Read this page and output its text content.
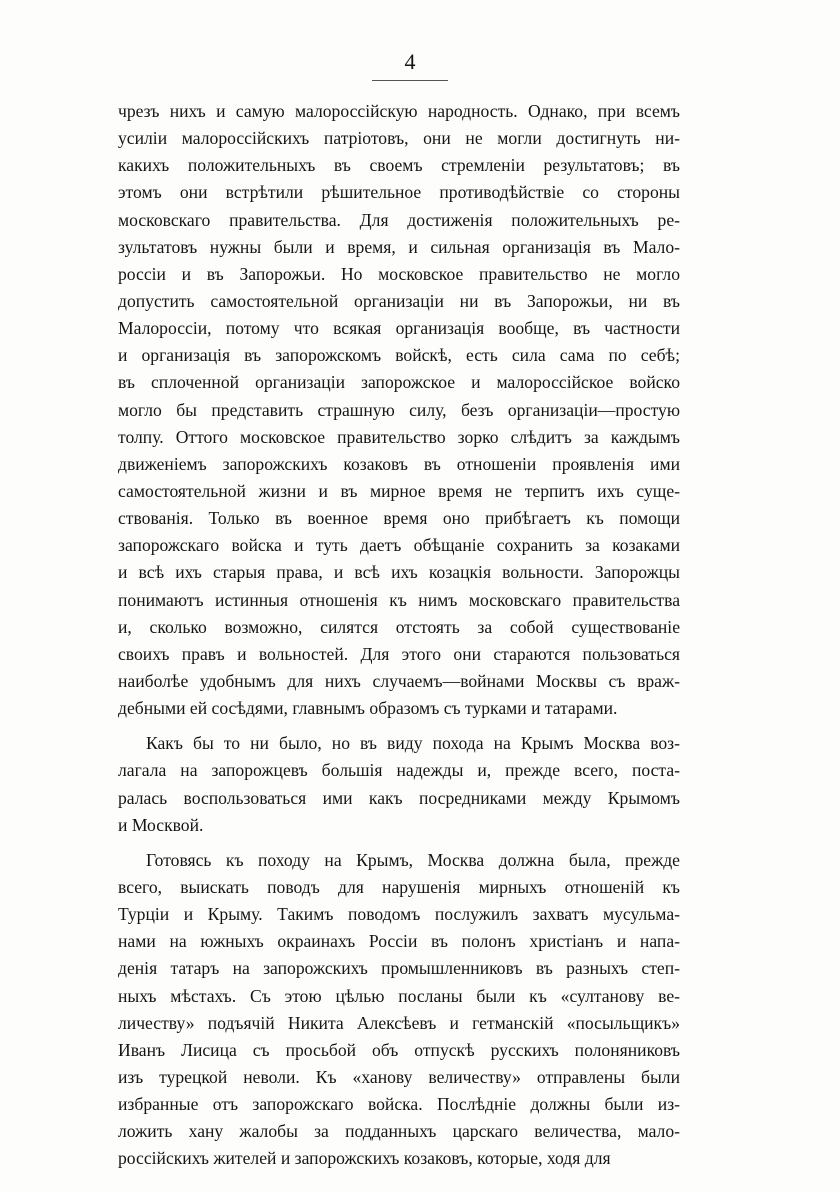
4
чрезъ нихъ и самую малороссійскую народность. Однако, при всемъ
усиліи малороссійскихъ патріотовъ, они не могли достигнуть ни-
какихъ положительныхъ въ своемъ стремленіи результатовъ; въ
этомъ они встрѣтили рѣшительное противодѣйствіе со стороны
московскаго правительства. Для достиженія положительныхъ ре-
зультатовъ нужны были и время, и сильная организація въ Мало-
россіи и въ Запорожьи. Но московское правительство не могло
допустить самостоятельной организаціи ни въ Запорожьи, ни въ
Малороссіи, потому что всякая организація вообще, въ частности
и организація въ запорожскомъ войскѣ, есть сила сама по себѣ;
въ сплоченной организаціи запорожское и малороссійское войско
могло бы представить страшную силу, безъ организаціи—простую
толпу. Оттого московское правительство зорко слѣдитъ за каждымъ
движеніемъ запорожскихъ козаковъ въ отношеніи проявленія ими
самостоятельной жизни и въ мирное время не терпитъ ихъ суще-
ствованія. Только въ военное время оно прибѣгаетъ къ помощи
запорожскаго войска и туть даетъ обѣщаніе сохранить за козаками
и всѣ ихъ старыя права, и всѣ ихъ козацкія вольности. Запорожцы
понимаютъ истинныя отношенія къ нимъ московскаго правительства
и, сколько возможно, силятся отстоять за собой существованіе
своихъ правъ и вольностей. Для этого они стараются пользоваться
наиболѣе удобнымъ для нихъ случаемъ—войнами Москвы съ враж-
дебными ей сосѣдями, главнымъ образомъ съ турками и татарами.
Какъ бы то ни было, но въ виду похода на Крымъ Москва воз-
лагала на запорожцевъ большія надежды и, прежде всего, поста-
ралась воспользоваться ими какъ посредниками между Крымомъ
и Москвой.
Готовясь къ походу на Крымъ, Москва должна была, прежде
всего, выискать поводъ для нарушенія мирныхъ отношеній къ
Турціи и Крыму. Такимъ поводомъ послужилъ захватъ мусульма-
нами на южныхъ окраинахъ Россіи въ полонъ христіанъ и напа-
денія татаръ на запорожскихъ промышленниковъ въ разныхъ степ-
ныхъ мѣстахъ. Съ этою цѣлью посланы были къ «султанову ве-
личеству» подъячій Никита Алексѣевъ и гетманскій «посыльщикъ»
Иванъ Лисица съ просьбой объ отпускѣ русскихъ полоняниковъ
изъ турецкой неволи. Къ «ханову величеству» отправлены были
избранные отъ запорожскаго войска. Послѣдніе должны были из-
ложить хану жалобы за подданныхъ царскаго величества, мало-
россійскихъ жителей и запорожскихъ козаковъ, которые, ходя для
